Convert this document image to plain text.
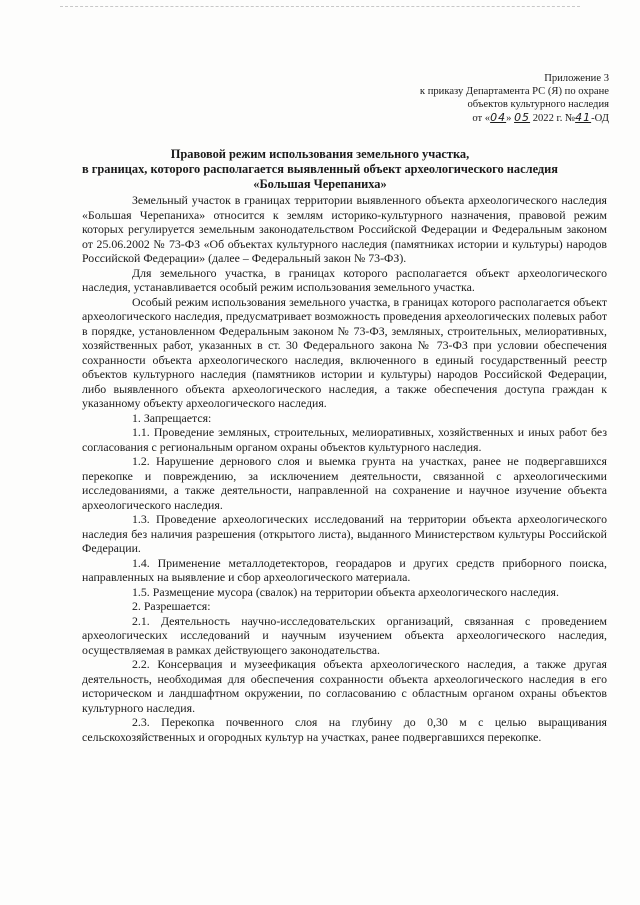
Приложение 3
к приказу Департамента РС (Я) по охране
объектов культурного наследия
от «04» 05 2022 г. №41-ОД
Правовой режим использования земельного участка,
в границах, которого располагается выявленный объект археологического наследия
«Большая Черепаниха»

Земельный участок в границах территории выявленного объекта археологического наследия «Большая Черепаниха» относится к землям историко-культурного назначения, правовой режим которых регулируется земельным законодательством Российской Федерации и Федеральным законом от 25.06.2002 № 73-ФЗ «Об объектах культурного наследия (памятниках истории и культуры) народов Российской Федерации» (далее – Федеральный закон № 73-ФЗ).

Для земельного участка, в границах которого располагается объект археологического наследия, устанавливается особый режим использования земельного участка.

Особый режим использования земельного участка, в границах которого располагается объект археологического наследия, предусматривает возможность проведения археологических полевых работ в порядке, установленном Федеральным законом № 73-ФЗ, земляных, строительных, мелиоративных, хозяйственных работ, указанных в ст. 30 Федерального закона № 73-ФЗ при условии обеспечения сохранности объекта археологического наследия, включенного в единый государственный реестр объектов культурного наследия (памятников истории и культуры) народов Российской Федерации, либо выявленного объекта археологического наследия, а также обеспечения доступа граждан к указанному объекту археологического наследия.

1. Запрещается:

1.1. Проведение земляных, строительных, мелиоративных, хозяйственных и иных работ без согласования с региональным органом охраны объектов культурного наследия.

1.2. Нарушение дернового слоя и выемка грунта на участках, ранее не подвергавшихся перекопке и повреждению, за исключением деятельности, связанной с археологическими исследованиями, а также деятельности, направленной на сохранение и научное изучение объекта археологического наследия.

1.3. Проведение археологических исследований на территории объекта археологического наследия без наличия разрешения (открытого листа), выданного Министерством культуры Российской Федерации.

1.4. Применение металлодетекторов, георадаров и других средств приборного поиска, направленных на выявление и сбор археологического материала.

1.5. Размещение мусора (свалок) на территории объекта археологического наследия.

2. Разрешается:

2.1. Деятельность научно-исследовательских организаций, связанная с проведением археологических исследований и научным изучением объекта археологического наследия, осуществляемая в рамках действующего законодательства.

2.2. Консервация и музеефикация объекта археологического наследия, а также другая деятельность, необходимая для обеспечения сохранности объекта археологического наследия в его историческом и ландшафтном окружении, по согласованию с областным органом охраны объектов культурного наследия.

2.3. Перекопка почвенного слоя на глубину до 0,30 м с целью выращивания сельскохозяйственных и огородных культур на участках, ранее подвергавшихся перекопке.
